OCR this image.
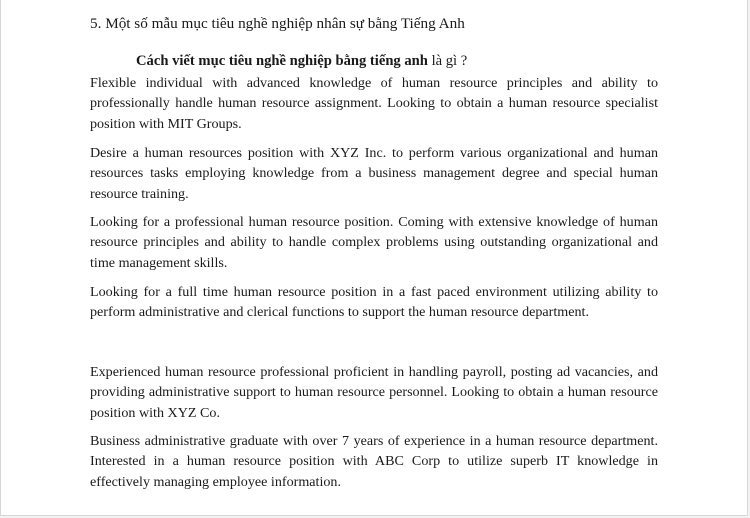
5. Một số mẫu mục tiêu nghề nghiệp nhân sự bằng Tiếng Anh
Cách viết mục tiêu nghề nghiệp bằng tiếng anh là gì ?

Flexible individual with advanced knowledge of human resource principles and ability to professionally handle human resource assignment. Looking to obtain a human resource specialist position with MIT Groups.

Desire a human resources position with XYZ Inc. to perform various organizational and human resources tasks employing knowledge from a business management degree and special human resource training.

Looking for a professional human resource position. Coming with extensive knowledge of human resource principles and ability to handle complex problems using outstanding organizational and time management skills.

Looking for a full time human resource position in a fast paced environment utilizing ability to perform administrative and clerical functions to support the human resource department.

Experienced human resource professional proficient in handling payroll, posting ad vacancies, and providing administrative support to human resource personnel. Looking to obtain a human resource position with XYZ Co.

Business administrative graduate with over 7 years of experience in a human resource department. Interested in a human resource position with ABC Corp to utilize superb IT knowledge in effectively managing employee information.
